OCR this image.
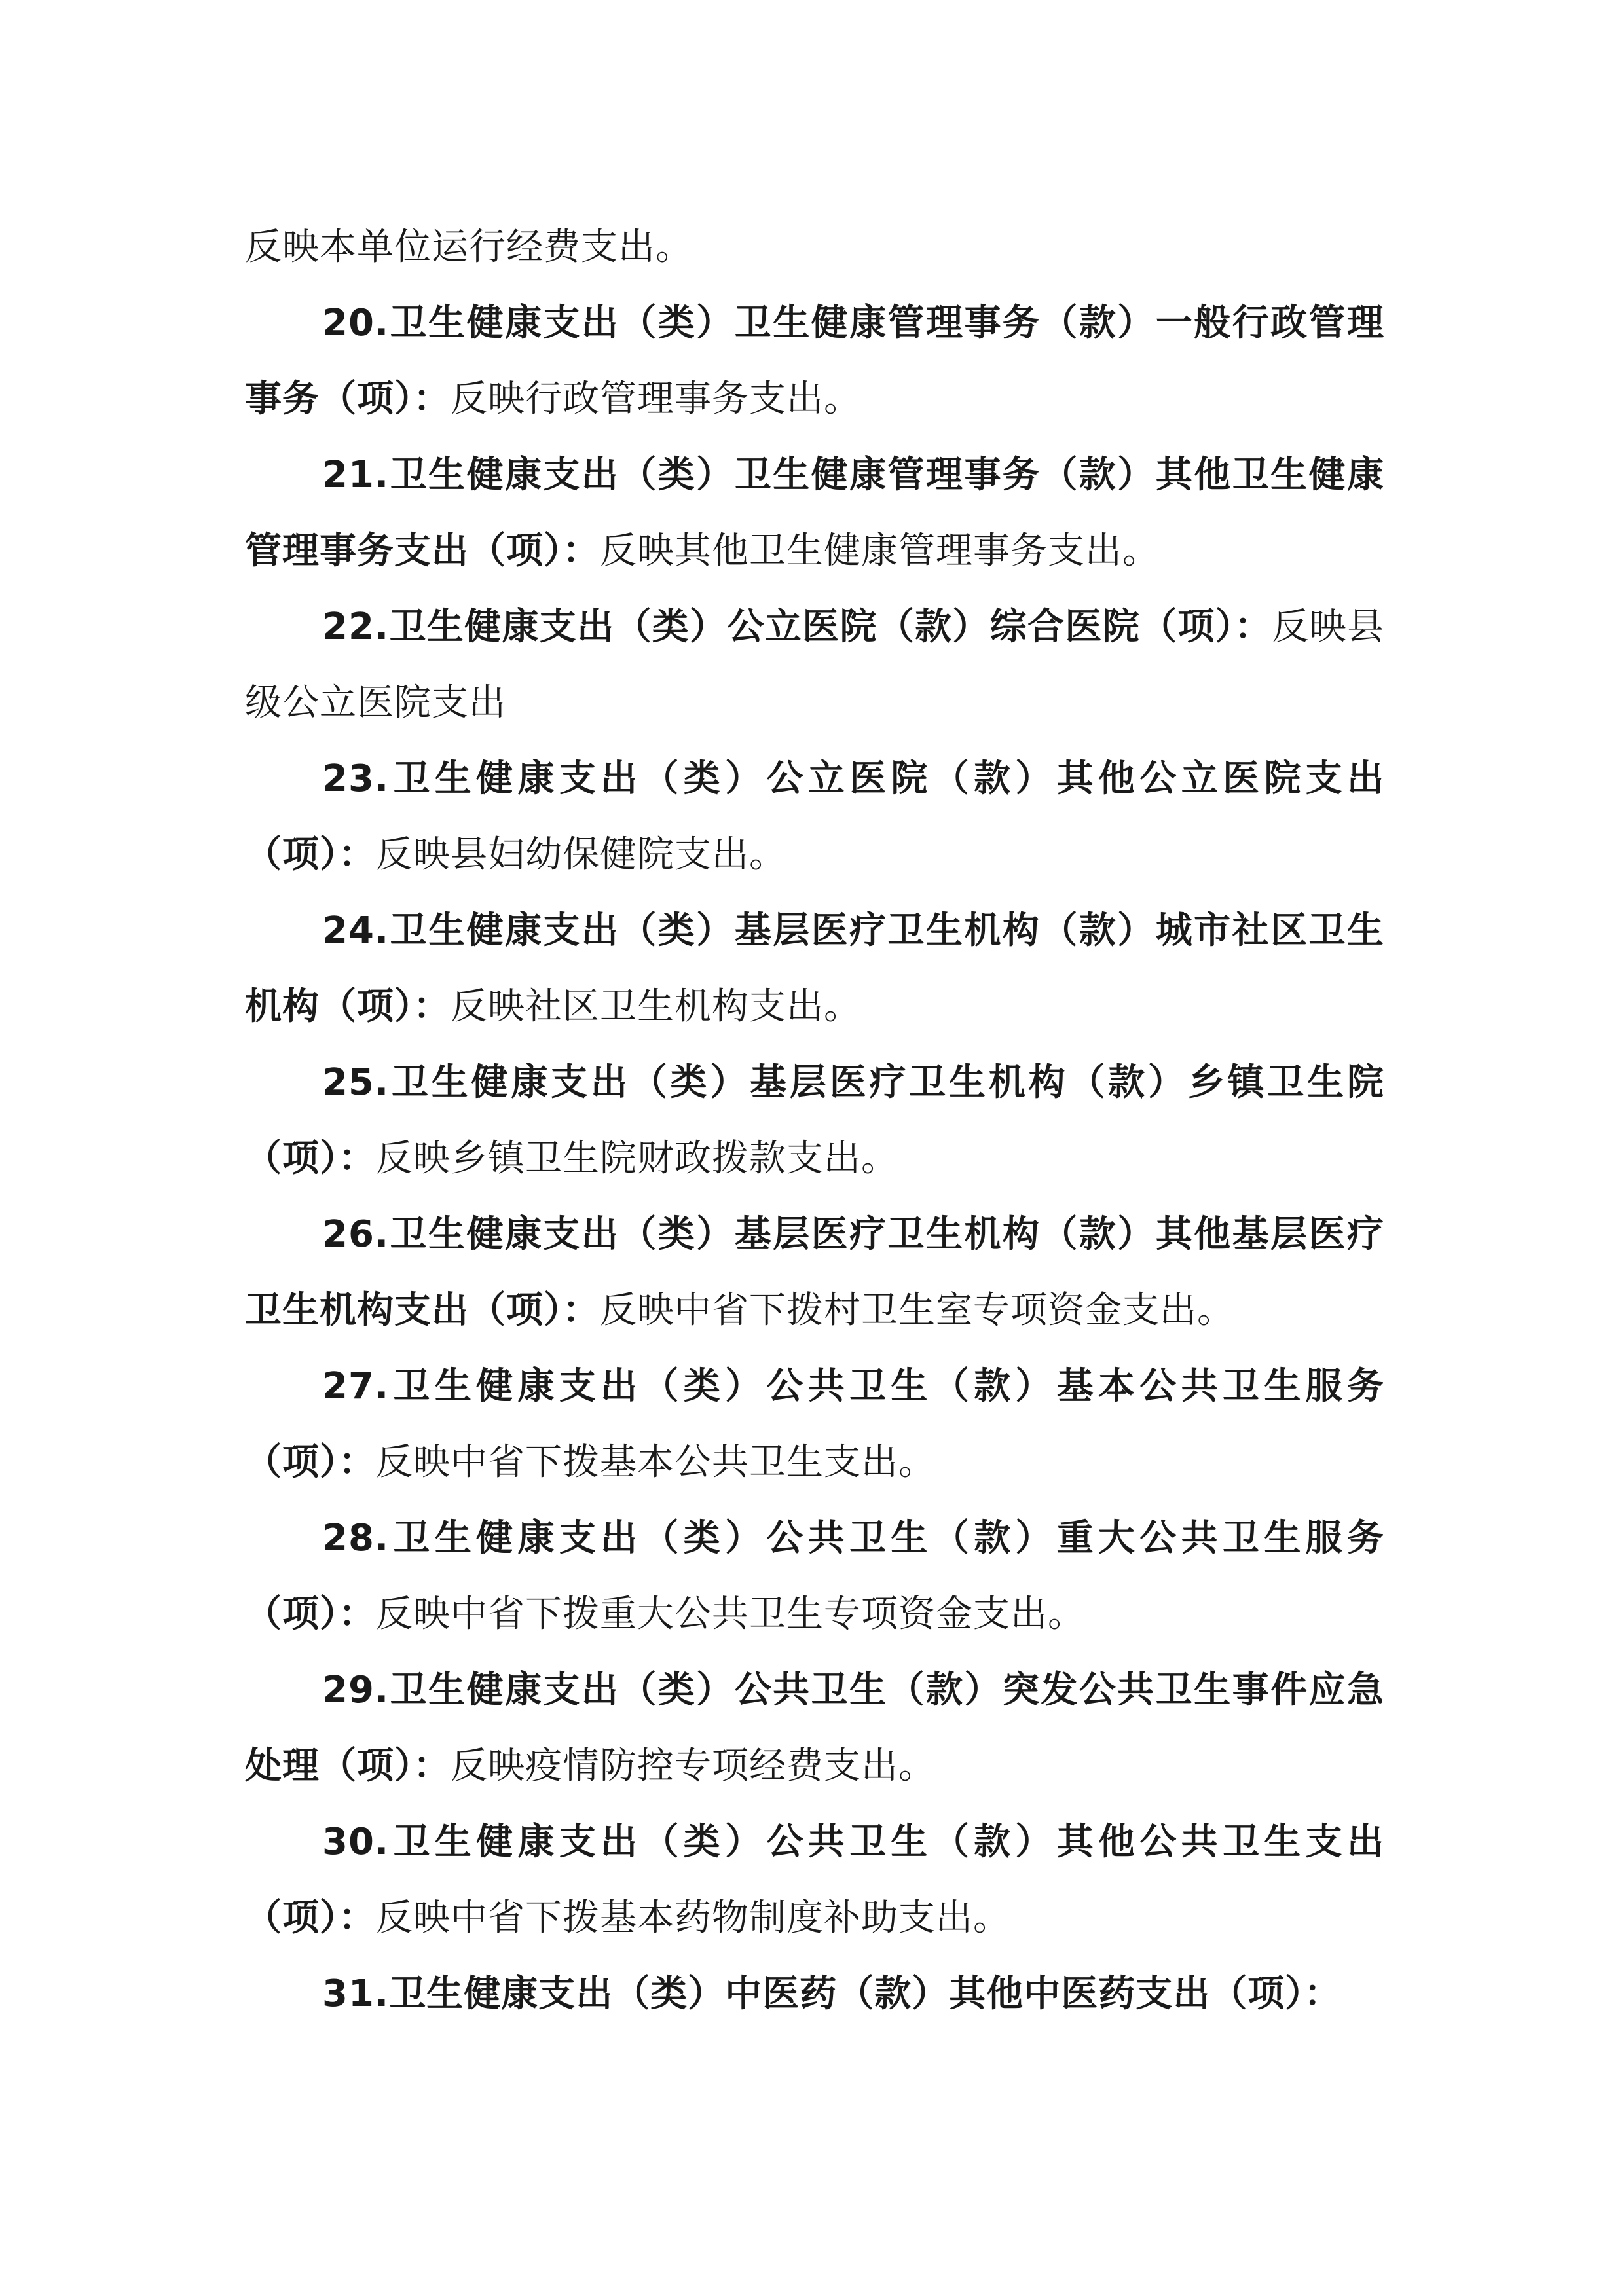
反映本单位运行经费支出。

20.卫生健康支出（类）卫生健康管理事务（款）一般行政管理事务（项）：反映行政管理事务支出。

21.卫生健康支出（类）卫生健康管理事务（款）其他卫生健康管理事务支出（项）：反映其他卫生健康管理事务支出。

22.卫生健康支出（类）公立医院（款）综合医院（项）：反映县级公立医院支出

23.卫生健康支出（类）公立医院（款）其他公立医院支出（项）：反映县妇幼保健院支出。

24.卫生健康支出（类）基层医疗卫生机构（款）城市社区卫生机构（项）：反映社区卫生机构支出。

25.卫生健康支出（类）基层医疗卫生机构（款）乡镇卫生院（项）：反映乡镇卫生院财政拨款支出。

26.卫生健康支出（类）基层医疗卫生机构（款）其他基层医疗卫生机构支出（项）：反映中省下拨村卫生室专项资金支出。

27.卫生健康支出（类）公共卫生（款）基本公共卫生服务（项）：反映中省下拨基本公共卫生支出。

28.卫生健康支出（类）公共卫生（款）重大公共卫生服务（项）：反映中省下拨重大公共卫生专项资金支出。

29.卫生健康支出（类）公共卫生（款）突发公共卫生事件应急处理（项）：反映疫情防控专项经费支出。

30.卫生健康支出（类）公共卫生（款）其他公共卫生支出（项）：反映中省下拨基本药物制度补助支出。

31.卫生健康支出（类）中医药（款）其他中医药支出（项）：
